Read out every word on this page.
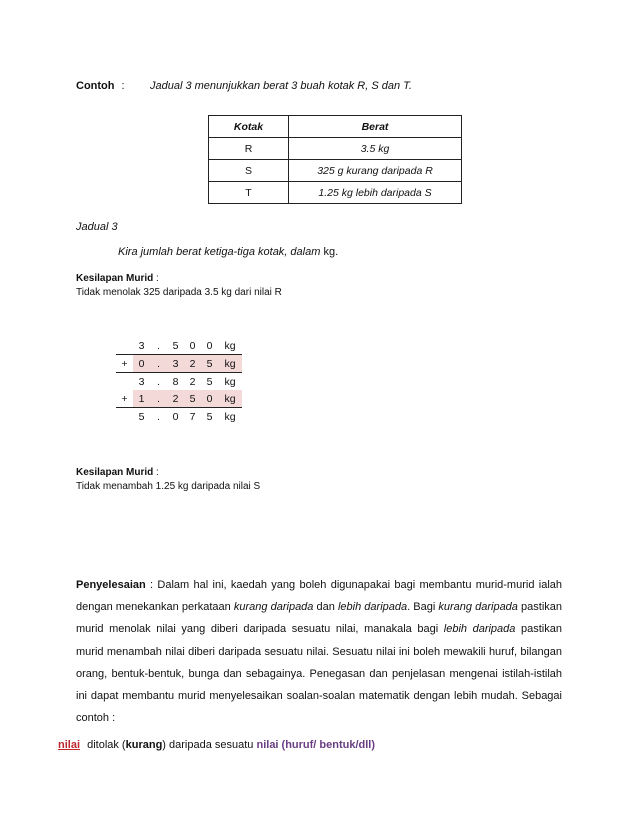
Contoh : Jadual 3 menunjukkan berat 3 buah kotak R, S dan T.
Kotak	Berat
R	3.5 kg
S	325 g kurang daripada R
T	1.25 kg lebih daripada S
Jadual 3
Kira jumlah berat ketiga-tiga kotak, dalam kg.
Kesilapan Murid :
Tidak menolak 325 daripada 3.5 kg dari nilai R
	3	.	5	0	0	kg
+	0	.	3	2	5	kg
	3	.	8	2	5	kg
+	1	.	2	5	0	kg
	5	.	0	7	5	kg
Kesilapan Murid :
Tidak menambah 1.25 kg daripada nilai S
Penyelesaian : Dalam hal ini, kaedah yang boleh digunapakai bagi membantu murid-murid ialah dengan menekankan perkataan kurang daripada dan lebih daripada. Bagi kurang daripada pastikan murid menolak nilai yang diberi daripada sesuatu nilai, manakala bagi lebih daripada pastikan murid menambah nilai diberi daripada sesuatu nilai. Sesuatu nilai ini boleh mewakili huruf, bilangan orang, bentuk-bentuk, bunga dan sebagainya. Penegasan dan penjelasan mengenai istilah-istilah ini dapat membantu murid menyelesaikan soalan-soalan matematik dengan lebih mudah. Sebagai contoh :
nilai ditolak (kurang) daripada sesuatu nilai (huruf/ bentuk/dll)
